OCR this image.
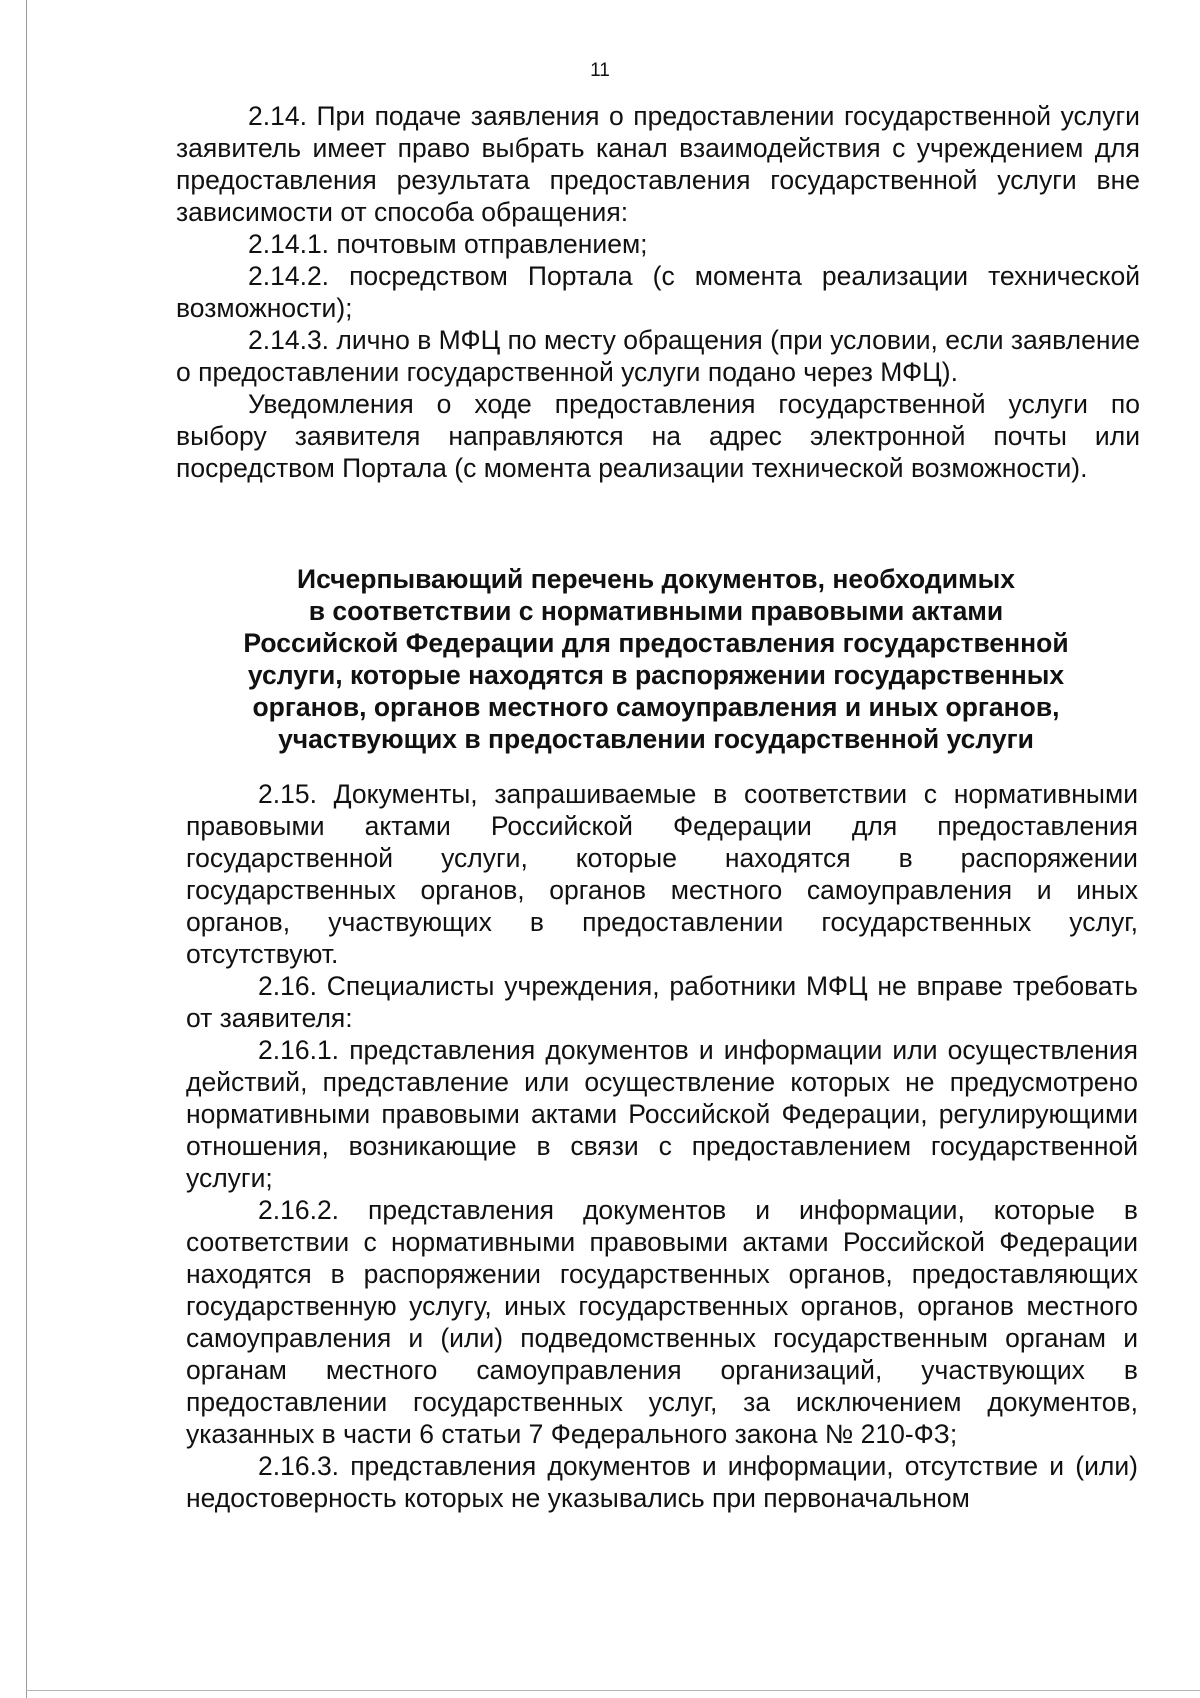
11

2.14. При подаче заявления о предоставлении государственной услуги заявитель имеет право выбрать канал взаимодействия с учреждением для предоставления результата предоставления государственной услуги вне зависимости от способа обращения:

2.14.1. почтовым отправлением;

2.14.2. посредством Портала (с момента реализации технической возможности);

2.14.3. лично в МФЦ по месту обращения (при условии, если заявление о предоставлении государственной услуги подано через МФЦ).

Уведомления о ходе предоставления государственной услуги по выбору заявителя направляются на адрес электронной почты или посредством Портала (с момента реализации технической возможности).

Исчерпывающий перечень документов, необходимых
в соответствии с нормативными правовыми актами
Российской Федерации для предоставления государственной
услуги, которые находятся в распоряжении государственных
органов, органов местного самоуправления и иных органов,
участвующих в предоставлении государственной услуги

2.15. Документы, запрашиваемые в соответствии с нормативными правовыми актами Российской Федерации для предоставления государственной услуги, которые находятся в распоряжении государственных органов, органов местного самоуправления и иных органов, участвующих в предоставлении государственных услуг, отсутствуют.

2.16. Специалисты учреждения, работники МФЦ не вправе требовать от заявителя:

2.16.1. представления документов и информации или осуществления действий, представление или осуществление которых не предусмотрено нормативными правовыми актами Российской Федерации, регулирующими отношения, возникающие в связи с предоставлением государственной услуги;

2.16.2. представления документов и информации, которые в соответствии с нормативными правовыми актами Российской Федерации находятся в распоряжении государственных органов, предоставляющих государственную услугу, иных государственных органов, органов местного самоуправления и (или) подведомственных государственным органам и органам местного самоуправления организаций, участвующих в предоставлении государственных услуг, за исключением документов, указанных в части 6 статьи 7 Федерального закона № 210-ФЗ;

2.16.3. представления документов и информации, отсутствие и (или) недостоверность которых не указывались при первоначальном
